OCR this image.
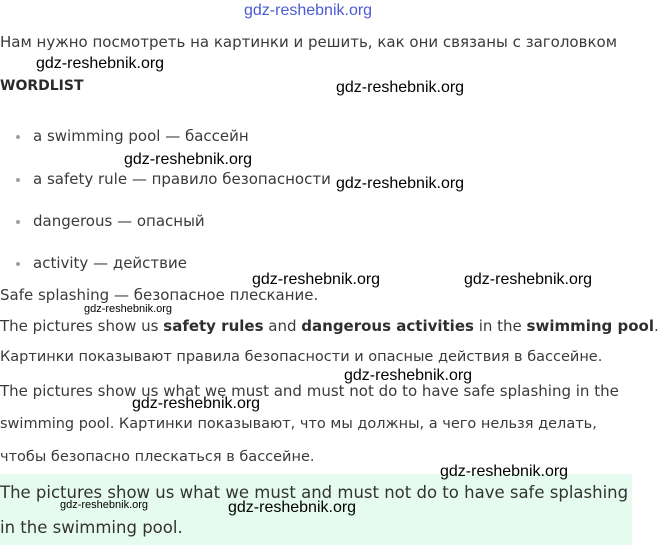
gdz-reshebnik.org
gdz-reshebnik.org
gdz-reshebnik.org
gdz-reshebnik.org
gdz-reshebnik.org
gdz-reshebnik.org	gdz-reshebnik.org
gdz-reshebnik.org
gdz-reshebnik.org
gdz-reshebnik.org
gdz-reshebnik.org
gdz-reshebnik.org	gdz-reshebnik.org
Нам нужно посмотреть на картинки и решить, как они связаны с заголовком
WORDLIST
a swimming pool — бассейн
a safety rule — правило безопасности
dangerous — опасный
activity — действие
Safe splashing — безопасное плескание.
The pictures show us safety rules and dangerous activities in the swimming pool.
Картинки показывают правила безопасности и опасные действия в бассейне.
The pictures show us what we must and must not do to have safe splashing in the
swimming pool. Картинки показывают, что мы должны, а чего нельзя делать,
чтобы безопасно плескаться в бассейне.
The pictures show us what we must and must not do to have safe splashing
in the swimming pool.
